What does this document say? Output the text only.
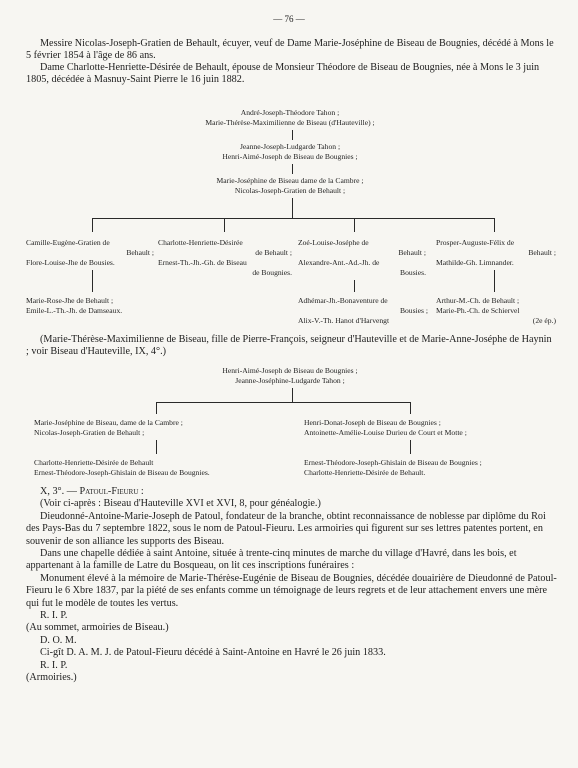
— 76 —
Messire Nicolas-Joseph-Gratien de Behault, écuyer, veuf de Dame Marie-Joséphine de Biseau de Bougnies, décédé à Mons le 5 février 1854 à l'âge de 86 ans.
Dame Charlotte-Henriette-Désirée de Behault, épouse de Monsieur Théodore de Biseau de Bougnies, née à Mons le 3 juin 1805, décédée à Masnuy-Saint Pierre le 16 juin 1882.
André-Joseph-Théodore Tahon ;
Marie-Thérèse-Maximilienne de Biseau (d'Hauteville) ;
Jeanne-Joseph-Ludgarde Tahon ;
Henri-Aimé-Joseph de Biseau de Bougnies ;
Marie-Joséphine de Biseau dame de la Cambre ;
Nicolas-Joseph-Gratien de Behault ;
Camille-Eugène-Gratien de
Behault ;
Flore-Louise-Jhe de Bousies.
Marie-Rose-Jhe de Behault ;
Emile-L.-Th.-Jh. de Damseaux.
Charlotte-Henriette-Désirée
de Behault ;
Ernest-Th.-Jh.-Gh. de Biseau
de Bougnies.
Zoé-Louise-Joséphe de
Behault ;
Alexandre-Ant.-Ad.-Jh. de
Bousies.
Adhémar-Jh.-Bonaventure de
Bousies ;
Alix-V.-Th. Hanot d'Harvengt
Prosper-Auguste-Félix de
Behault ;
Mathilde-Gh. Limnander.
Arthur-M.-Ch. de Behault ;
Marie-Ph.-Ch. de Schiervel
(2e ép.)
(Marie-Thérèse-Maximilienne de Biseau, fille de Pierre-François, seigneur d'Hauteville et de Marie-Anne-Joséphe de Haynin ; voir Biseau d'Hauteville, IX, 4°.)
Henri-Aimé-Joseph de Biseau de Bougnies ;
Jeanne-Joséphine-Ludgarde Tahon ;
Marie-Joséphine de Biseau, dame de la Cambre ;
Nicolas-Joseph-Gratien de Behault ;
Charlotte-Henriette-Désirée de Behault
Ernest-Théodore-Joseph-Ghislain de Biseau de Bougnies.
Henri-Donat-Joseph de Biseau de Bougnies ;
Antoinette-Amélie-Louise Durieu de Court et Motte ;
Ernest-Théodore-Joseph-Ghislain de Biseau de Bougnies ;
Charlotte-Henriette-Désirée de Behault.
X, 3°. — Patoul-Fieuru :
(Voir ci-après : Biseau d'Hauteville XVI et XVI, 8, pour généalogie.)
Dieudonné-Antoine-Marie-Joseph de Patoul, fondateur de la branche, obtint reconnaissance de noblesse par diplôme du Roi des Pays-Bas du 7 septembre 1822, sous le nom de Patoul-Fieuru. Les armoiries qui figurent sur ses lettres patentes portent, en souvenir de son alliance les supports des Biseau.
Dans une chapelle dédiée à saint Antoine, située à trente-cinq minutes de marche du village d'Havré, dans les bois, et appartenant à la famille de Latre du Bosqueau, on lit ces inscriptions funéraires :
Monument élevé à la mémoire de Marie-Thérèse-Eugénie de Biseau de Bougnies, décédée douairière de Dieudonné de Patoul-Fieuru le 6 Xbre 1837, par la piété de ses enfants comme un témoignage de leurs regrets et de leur attachement envers une mère qui fut le modèle de toutes les vertus.
R. I. P.
(Au sommet, armoiries de Biseau.)
D. O. M.
Ci-gît D. A. M. J. de Patoul-Fieuru décédé à Saint-Antoine en Havré le 26 juin 1833.
R. I. P.
(Armoiries.)
